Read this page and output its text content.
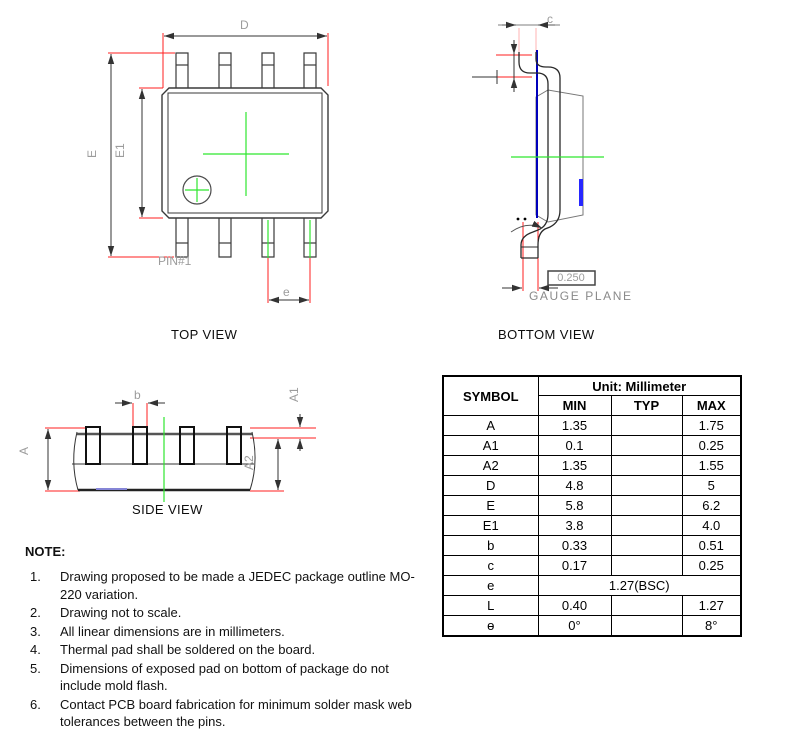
D
E E1
e
PIN#1
TOP VIEW
c
0.250
GAUGE PLANE
BOTTOM VIEW
b
A
A1
A2
SIDE VIEW
SYMBOL	Unit: Millimeter		
	MIN	TYP	MAX
A	1.35		1.75
A1	0.1		0.25
A2	1.35		1.55
D	4.8		5
E	5.8		6.2
E1	3.8		4.0
b	0.33		0.51
c	0.17		0.25
e	1.27(BSC)		
L	0.40		1.27
ɵ	0°		8°

NOTE:

1.	Drawing proposed to be made a JEDEC package outline MO-220 variation.
2.	Drawing not to scale.
3.	All linear dimensions are in millimeters.
4.	Thermal pad shall be soldered on the board.
5.	Dimensions of exposed pad on bottom of package do not include mold flash.
6.	Contact PCB board fabrication for minimum solder mask web tolerances between the pins.
